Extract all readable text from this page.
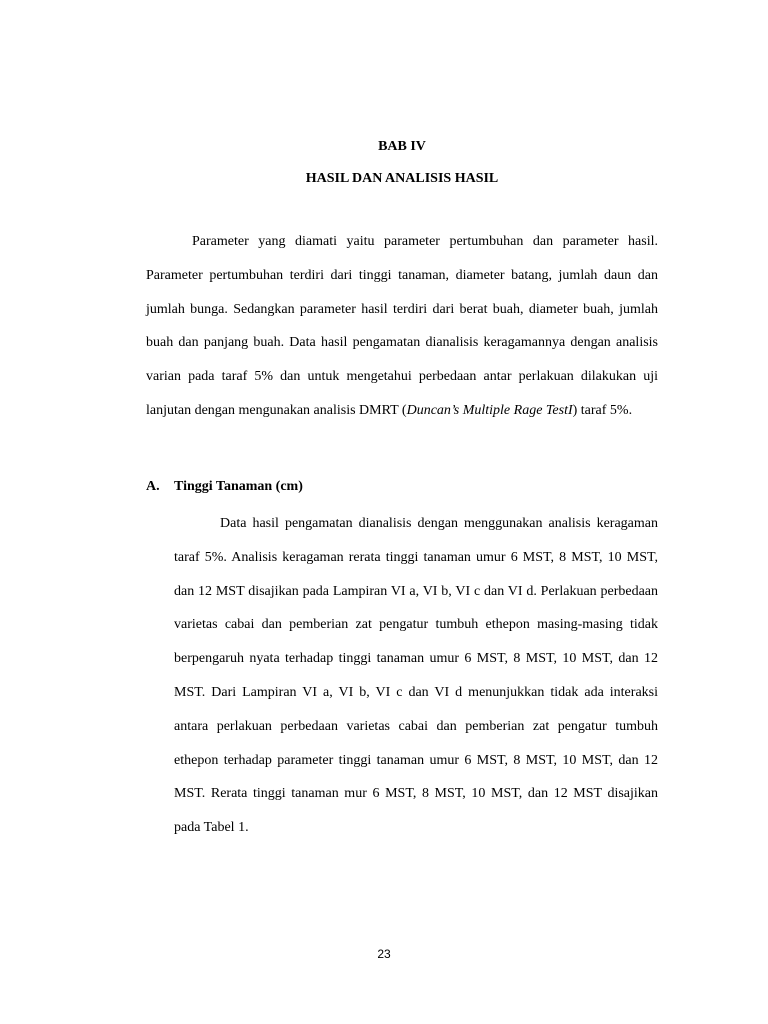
BAB IV
HASIL DAN ANALISIS HASIL

Parameter yang diamati yaitu parameter pertumbuhan dan parameter hasil. Parameter pertumbuhan terdiri dari tinggi tanaman, diameter batang, jumlah daun dan jumlah bunga. Sedangkan parameter hasil terdiri dari berat buah, diameter buah, jumlah buah dan panjang buah. Data hasil pengamatan dianalisis keragamannya dengan analisis varian pada taraf 5% dan untuk mengetahui perbedaan antar perlakuan dilakukan uji lanjutan dengan mengunakan analisis DMRT (Duncan’s Multiple Rage TestI) taraf 5%.

A. Tinggi Tanaman (cm)

Data hasil pengamatan dianalisis dengan menggunakan analisis keragaman taraf 5%. Analisis keragaman rerata tinggi tanaman umur 6 MST, 8 MST, 10 MST, dan 12 MST disajikan pada Lampiran VI a, VI b, VI c dan VI d. Perlakuan perbedaan varietas cabai dan pemberian zat pengatur tumbuh ethepon masing-masing tidak berpengaruh nyata terhadap tinggi tanaman umur 6 MST, 8 MST, 10 MST, dan 12 MST. Dari Lampiran VI a, VI b, VI c dan VI d menunjukkan tidak ada interaksi antara perlakuan perbedaan varietas cabai dan pemberian zat pengatur tumbuh ethepon terhadap parameter tinggi tanaman umur 6 MST, 8 MST, 10 MST, dan 12 MST. Rerata tinggi tanaman mur 6 MST, 8 MST, 10 MST, dan 12 MST disajikan pada Tabel 1.

23
